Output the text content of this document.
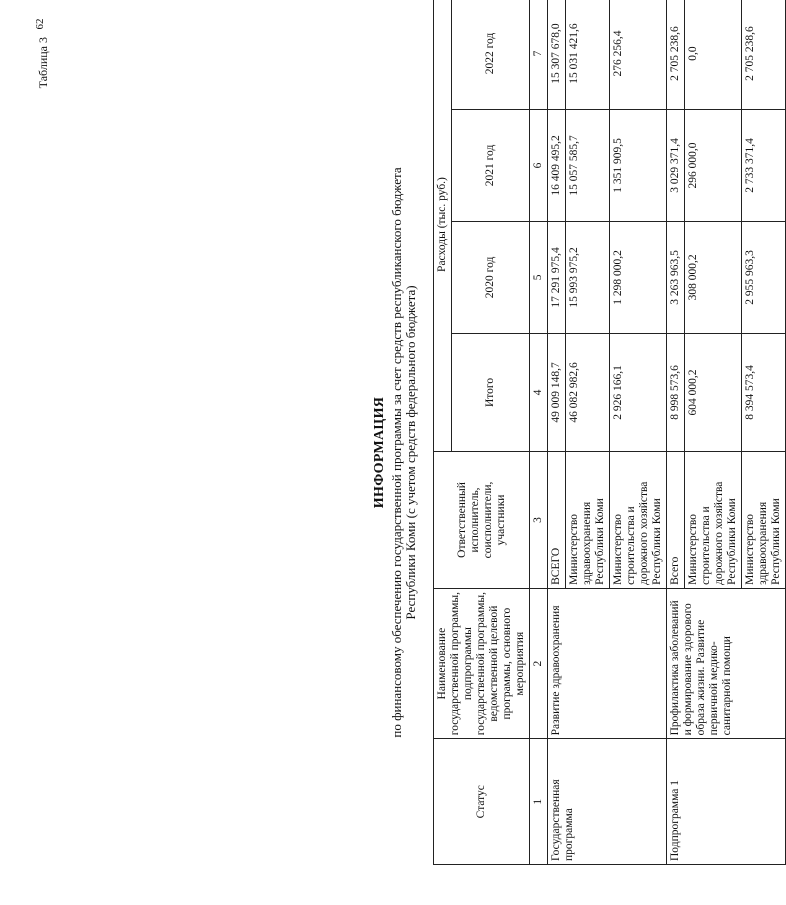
62
Таблица 3
ИНФОРМАЦИЯ по финансовому обеспечению государственной программы за счет средств республиканского бюджета Республики Коми (с учетом средств федерального бюджета)
Статус	Наименование государственной программы, подпрограммы государственной программы, ведомственной целевой программы, основного мероприятия	Ответственный исполнитель, соисполнители, участники	Расходы (тыс. руб.)			
			Итого	2020 год	2021 год	2022 год
1	2	3	4	5	6	7
Государственная программа	Развитие здравоохранения	ВСЕГО	49 009 148,7	17 291 975,4	16 409 495,2	15 307 678,0
		Министерство здравоохранения Республики Коми	46 082 982,6	15 993 975,2	15 057 585,7	15 031 421,6
		Министерство строительства и дорожного хозяйства Республики Коми	2 926 166,1	1 298 000,2	1 351 909,5	276 256,4
Подпрограмма 1	Профилактика заболеваний и формирование здорового образа жизни. Развитие первичной медико-санитарной помощи	Всего	8 998 573,6	3 263 963,5	3 029 371,4	2 705 238,6
		Министерство строительства и дорожного хозяйства Республики Коми	604 000,2	308 000,2	296 000,0	0,0
		Министерство здравоохранения Республики Коми	8 394 573,4	2 955 963,3	2 733 371,4	2 705 238,6
